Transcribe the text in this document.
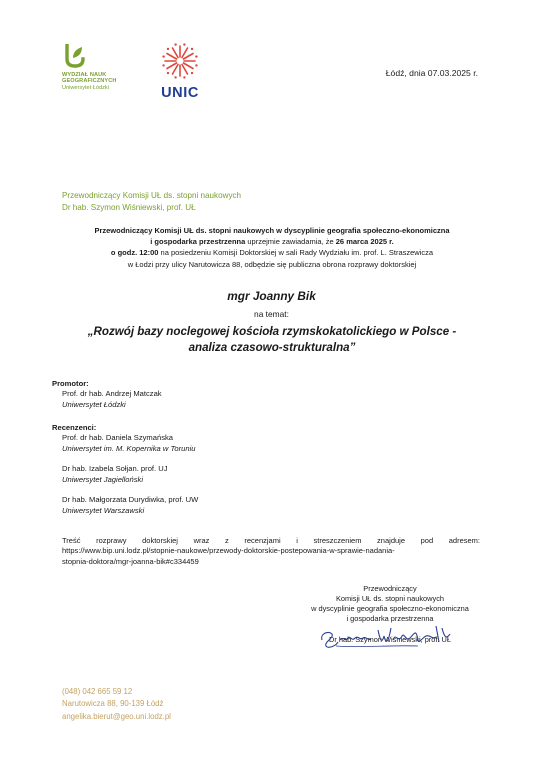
WYDZIAŁ NAUK
GEOGRAFICZNYCH
Uniwersytet Łódzki	UNIC
Łódź, dnia 07.03.2025 r.
Przewodniczący Komisji UŁ ds. stopni naukowych
Dr hab. Szymon Wiśniewski, prof. UŁ
Przewodniczący Komisji UŁ ds. stopni naukowych w dyscyplinie geografia społeczno-ekonomiczna
i gospodarka przestrzenna uprzejmie zawiadamia, że 26 marca 2025 r.
o godz. 12:00 na posiedzeniu Komisji Doktorskiej w sali Rady Wydziału im. prof. L. Straszewicza
w Łodzi przy ulicy Narutowicza 88, odbędzie się publiczna obrona rozprawy doktorskiej
mgr Joanny Bik
na temat:
„Rozwój bazy noclegowej kościoła rzymskokatolickiego w Polsce -
analiza czasowo-strukturalna”
Promotor:
Prof. dr hab. Andrzej Matczak
Uniwersytet Łódzki
Recenzenci:
Prof. dr hab. Daniela Szymańska
Uniwersytet im. M. Kopernika w Toruniu
Dr hab. Izabela Sołjan. prof. UJ
Uniwersytet Jagielloński
Dr hab. Małgorzata Durydiwka, prof. UW
Uniwersytet Warszawski
Treść rozprawy doktorskiej wraz z recenzjami i streszczeniem znajduje pod adresem:
https://www.bip.uni.lodz.pl/stopnie-naukowe/przewody-doktorskie-postepowania-w-sprawie-nadania-
stopnia-doktora/mgr-joanna-bik#c334459
Przewodniczący
Komisji UŁ ds. stopni naukowych
w dyscyplinie geografia społeczno-ekonomiczna
i gospodarka przestrzenna
Dr hab. Szymon Wiśniewski, prof. UŁ
(048) 042 665 59 12
Narutowicza 88, 90-139 Łódź
angelika.bierut@geo.uni.lodz.pl
